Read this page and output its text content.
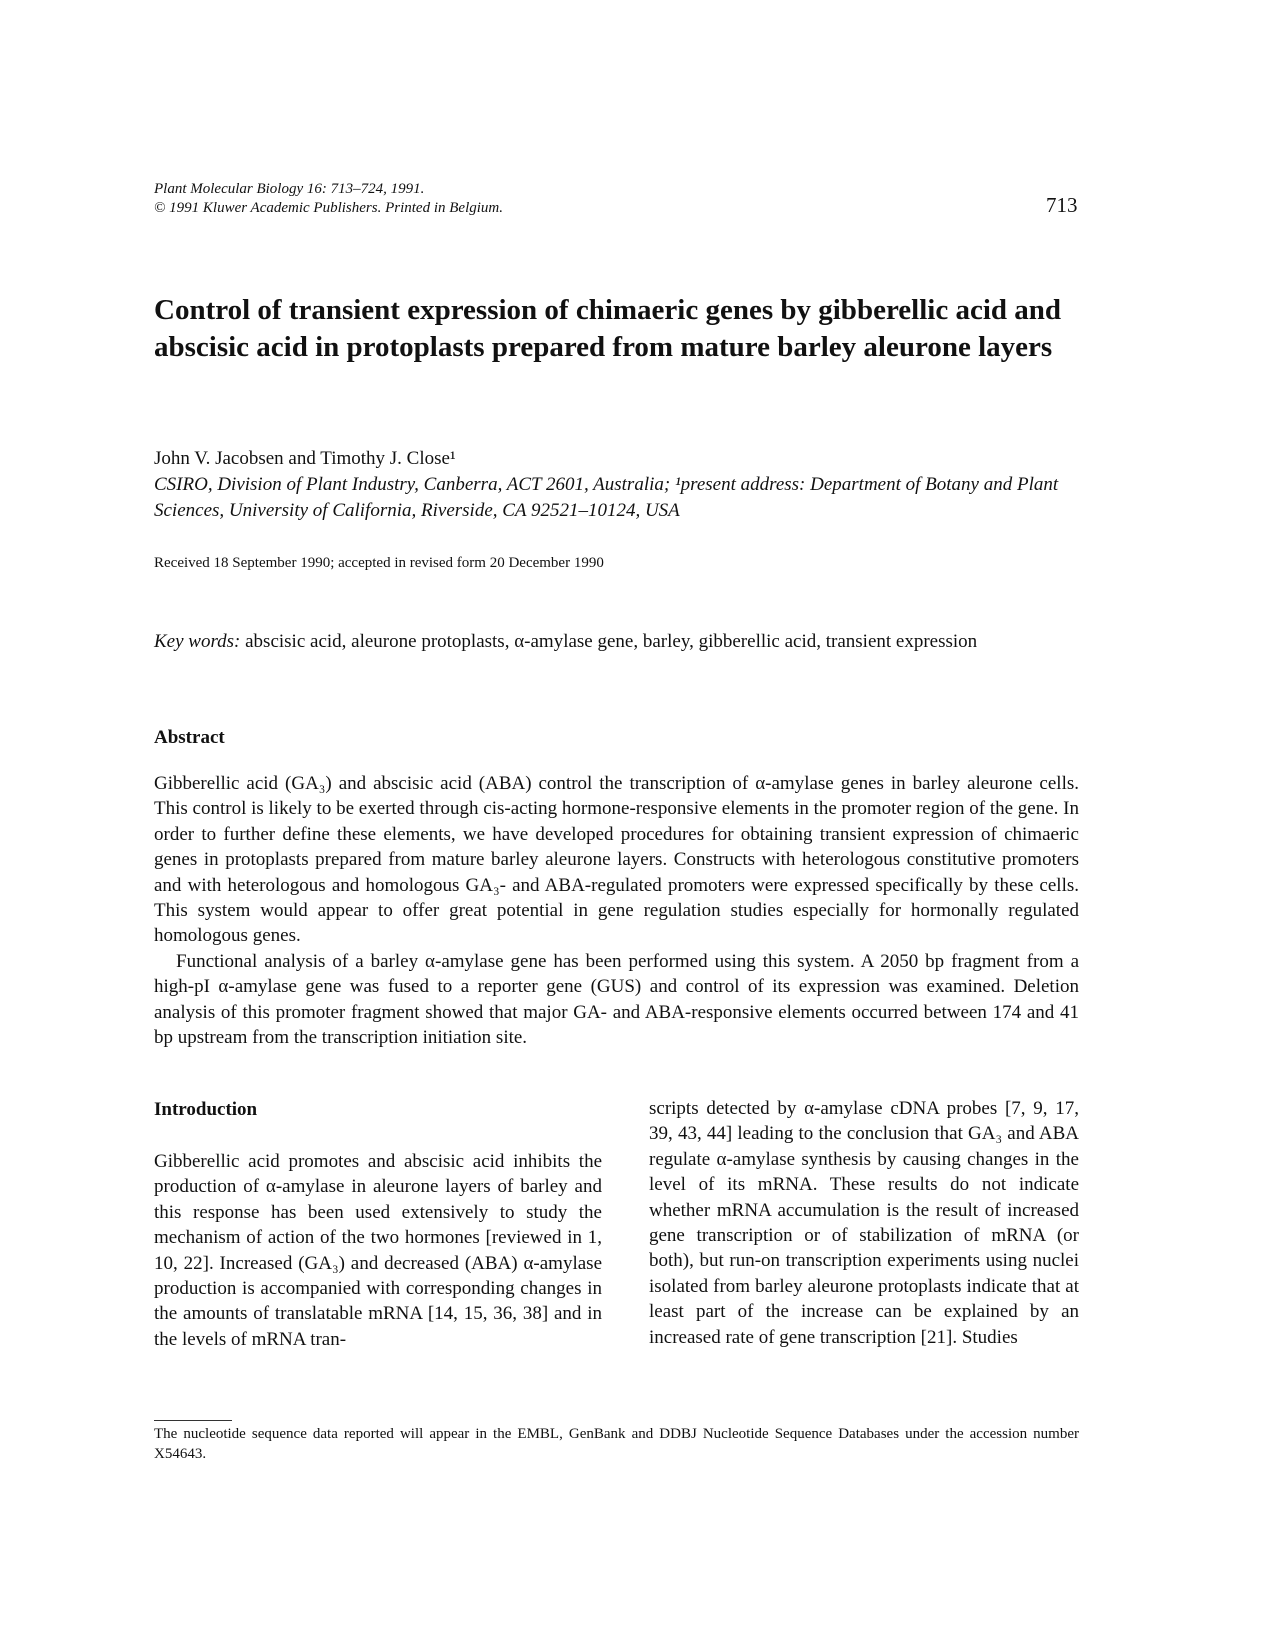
Plant Molecular Biology 16: 713–724, 1991.
© 1991 Kluwer Academic Publishers. Printed in Belgium.	713
Control of transient expression of chimaeric genes by gibberellic acid and abscisic acid in protoplasts prepared from mature barley aleurone layers
John V. Jacobsen and Timothy J. Close¹
CSIRO, Division of Plant Industry, Canberra, ACT 2601, Australia; ¹present address: Department of Botany and Plant Sciences, University of California, Riverside, CA 92521–10124, USA
Received 18 September 1990; accepted in revised form 20 December 1990
Key words: abscisic acid, aleurone protoplasts, α-amylase gene, barley, gibberellic acid, transient expression
Abstract

Gibberellic acid (GA₃) and abscisic acid (ABA) control the transcription of α-amylase genes in barley aleurone cells. This control is likely to be exerted through cis-acting hormone-responsive elements in the promoter region of the gene. In order to further define these elements, we have developed procedures for obtaining transient expression of chimaeric genes in protoplasts prepared from mature barley aleurone layers. Constructs with heterologous constitutive promoters and with heterologous and homologous GA₃- and ABA-regulated promoters were expressed specifically by these cells. This system would appear to offer great potential in gene regulation studies especially for hormonally regulated homologous genes.

Functional analysis of a barley α-amylase gene has been performed using this system. A 2050 bp fragment from a high-pI α-amylase gene was fused to a reporter gene (GUS) and control of its expression was examined. Deletion analysis of this promoter fragment showed that major GA- and ABA-responsive elements occurred between 174 and 41 bp upstream from the transcription initiation site.

Introduction
Gibberellic acid promotes and abscisic acid inhibits the production of α-amylase in aleurone layers of barley and this response has been used extensively to study the mechanism of action of the two hormones [reviewed in 1, 10, 22]. Increased (GA₃) and decreased (ABA) α-amylase production is accompanied with corresponding changes in the amounts of translatable mRNA [14, 15, 36, 38] and in the levels of mRNA tran-
scripts detected by α-amylase cDNA probes [7, 9, 17, 39, 43, 44] leading to the conclusion that GA₃ and ABA regulate α-amylase synthesis by causing changes in the level of its mRNA. These results do not indicate whether mRNA accumulation is the result of increased gene transcription or of stabilization of mRNA (or both), but run-on transcription experiments using nuclei isolated from barley aleurone protoplasts indicate that at least part of the increase can be explained by an increased rate of gene transcription [21]. Studies
The nucleotide sequence data reported will appear in the EMBL, GenBank and DDBJ Nucleotide Sequence Databases under the accession number X54643.
